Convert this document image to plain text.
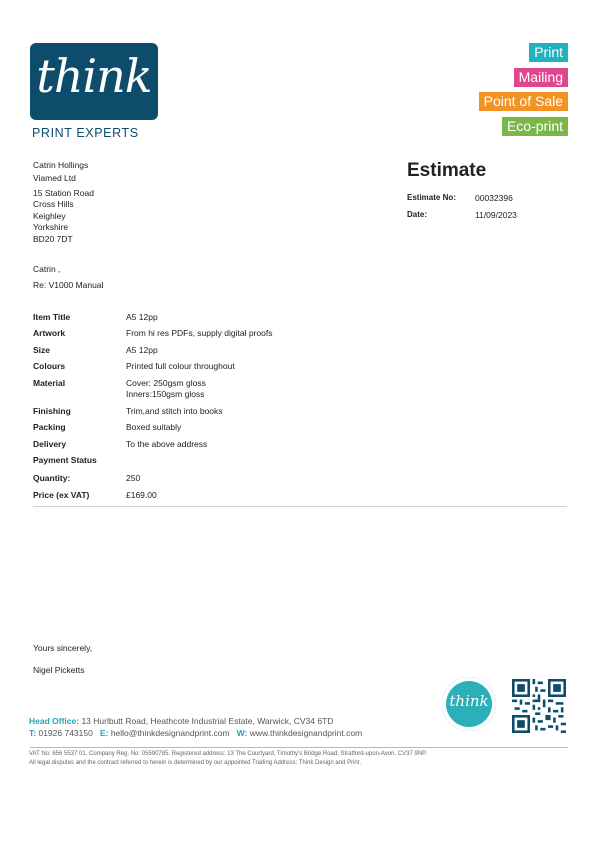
think
PRINT EXPERTS
Print
Mailing
Point of Sale
Eco-print
Catrin Hollings
Viamed Ltd
15 Station Road
Cross Hills
Keighley
Yorkshire
BD20 7DT
Estimate
Estimate No: 00032396
Date:	11/09/2023
Catrin ,
Re: V1000 Manual
Item Title	A5 12pp
Artwork	From hi res PDFs, supply digital proofs
Size	A5 12pp
Colours	Printed full colour throughout
Material	Cover: 250gsm gloss
Inners:150gsm gloss
Finishing	Trim,and stitch into books
Packing	Boxed suitably
Delivery	To the above address
Payment Status
Quantity:	250
Price (ex VAT)	£169.00
Yours sincerely,
Nigel Picketts
think
Head Office: 13 Hurlbutt Road, Heathcote Industrial Estate, Warwick, CV34 6TD
T: 01926 743150 E: hello@thinkdesignandprint.com W: www.thinkdesignandprint.com
VAT No: 656 5537 01. Company Reg. No: 05590785. Registered address: 13 The Courtyard, Timothy's Bridge Road, Stratford-upon-Avon, CV37 9NP.
All legal disputes and the contract referred to herein is determined by our appointed Trading Address: Think Design and Print.
